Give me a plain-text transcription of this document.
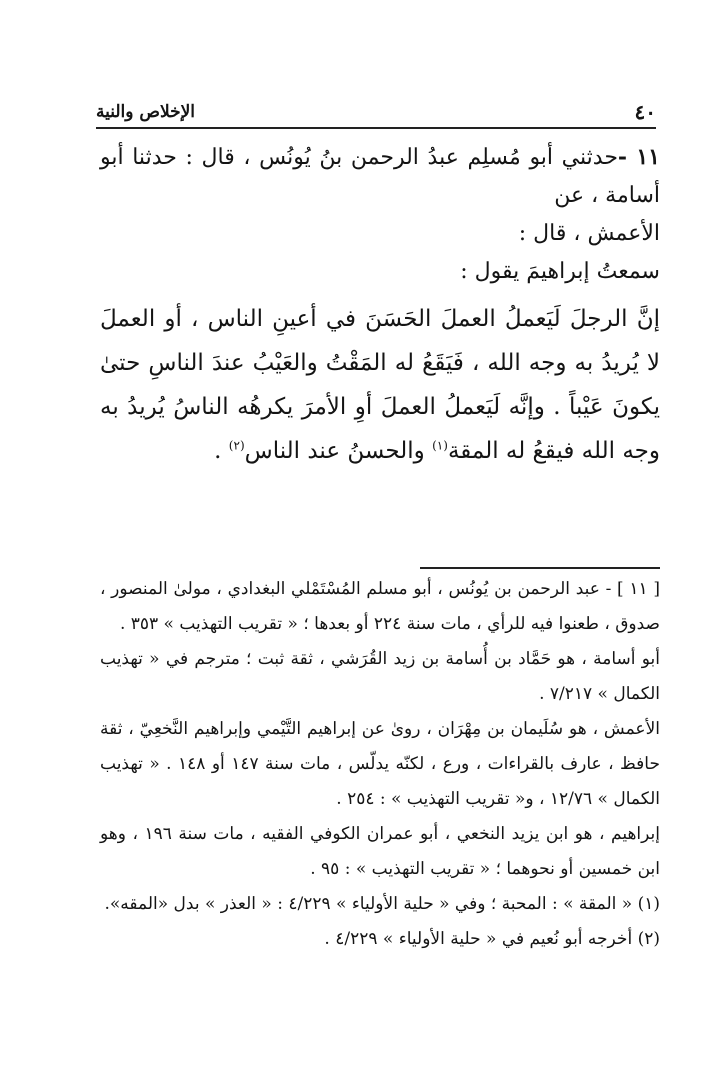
٤٠
الإخلاص والنية

١١ -حدثني أبو مُسلِم عبدُ الرحمن بنُ يُونُس ، قال : حدثنا أبو أسامة ، عن

الأعمش ، قال :

سمعتُ إبراهيمَ يقول :

إنَّ الرجلَ لَيَعملُ العملَ الحَسَنَ في أعينِ الناس ، أو العملَ لا يُريدُ به وجه الله ، فَيَقَعُ له المَقْتُ والعَيْبُ عندَ الناسِ حتىٰ يكونَ عَيْباً . وإنَّه لَيَعملُ العملَ أوِ الأمرَ يكرهُه الناسُ يُريدُ به وجه الله فيقعُ له المقة$^{(١)}$ والحسنُ عند الناس$^{(٢)}$ .

[ ١١ ] - عبد الرحمن بن يُونُس ، أبو مسلم المُسْتَمْلي البغدادي ، مولىٰ المنصور ، صدوق ، طعنوا فيه للرأي ، مات سنة ٢٢٤ أو بعدها ؛ « تقريب التهذيب » ٣٥٣ .

أبو أسامة ، هو حَمَّاد بن أُسامة بن زيد القُرَشي ، ثقة ثبت ؛ مترجم في « تهذيب الكمال » ٧/٢١٧ .

الأعمش ، هو سُلَيمان بن مِهْرَان ، روىٰ عن إبراهيم التَّيْمي وإبراهيم النَّخعِيّ ، ثقة حافظ ، عارف بالقراءات ، ورع ، لكنّه يدلّس ، مات سنة ١٤٧ أو ١٤٨ . « تهذيب الكمال » ١٢/٧٦ ، و« تقريب التهذيب » : ٢٥٤ .

إبراهيم ، هو ابن يزيد النخعي ، أبو عمران الكوفي الفقيه ، مات سنة ١٩٦ ، وهو ابن خمسين أو نحوهما ؛ « تقريب التهذيب » : ٩٥ .

(١) « المقة » : المحبة ؛ وفي « حلية الأولياء » ٤/٢٢٩ : « العذر » بدل «المقه».

(٢) أخرجه أبو نُعيم في « حلية الأولياء » ٤/٢٢٩ .
